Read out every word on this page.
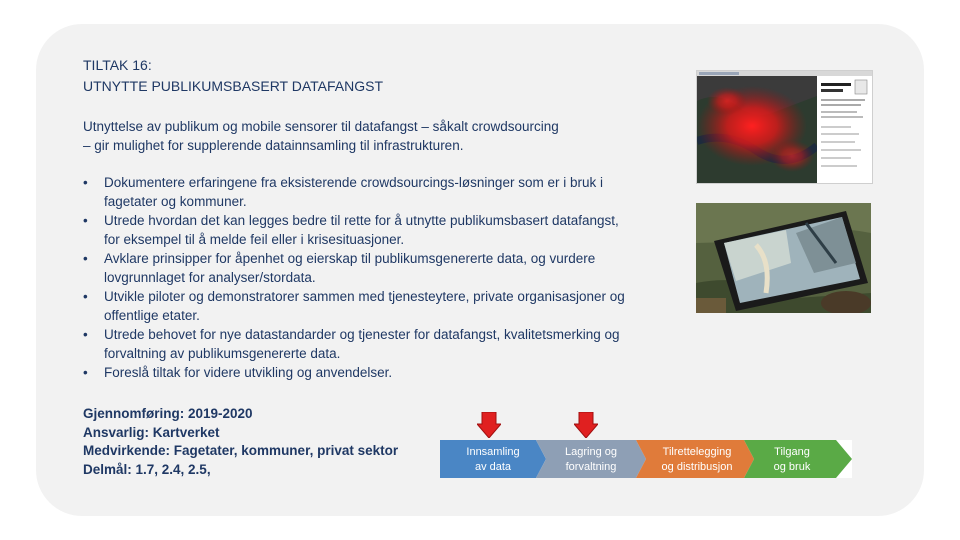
TILTAK 16:
UTNYTTE PUBLIKUMSBASERT DATAFANGST
Utnyttelse av publikum og mobile sensorer til datafangst – såkalt crowdsourcing
– gir mulighet for supplerende datainnsamling til infrastrukturen.
• Dokumentere erfaringene fra eksisterende crowdsourcings-løsninger som er i bruk i fagetater og kommuner.
• Utrede hvordan det kan legges bedre til rette for å utnytte publikumsbasert datafangst, for eksempel til å melde feil eller i krisesituasjoner.
• Avklare prinsipper for åpenhet og eierskap til publikumsgenererte data, og vurdere lovgrunnlaget for analyser/stordata.
• Utvikle piloter og demonstratorer sammen med tjenesteytere, private organisasjoner og offentlige etater.
• Utrede behovet for nye datastandarder og tjenester for datafangst, kvalitetsmerking og forvaltning av publikumsgenererte data.
• Foreslå tiltak for videre utvikling og anvendelser.
Gjennomføring: 2019-2020
Ansvarlig: Kartverket
Medvirkende: Fagetater, kommuner, privat sektor
Delmål: 1.7, 2.4, 2.5,
Innsamling
av data
Lagring og
forvaltning
Tilrettelegging
og distribusjon
Tilgang
og bruk
